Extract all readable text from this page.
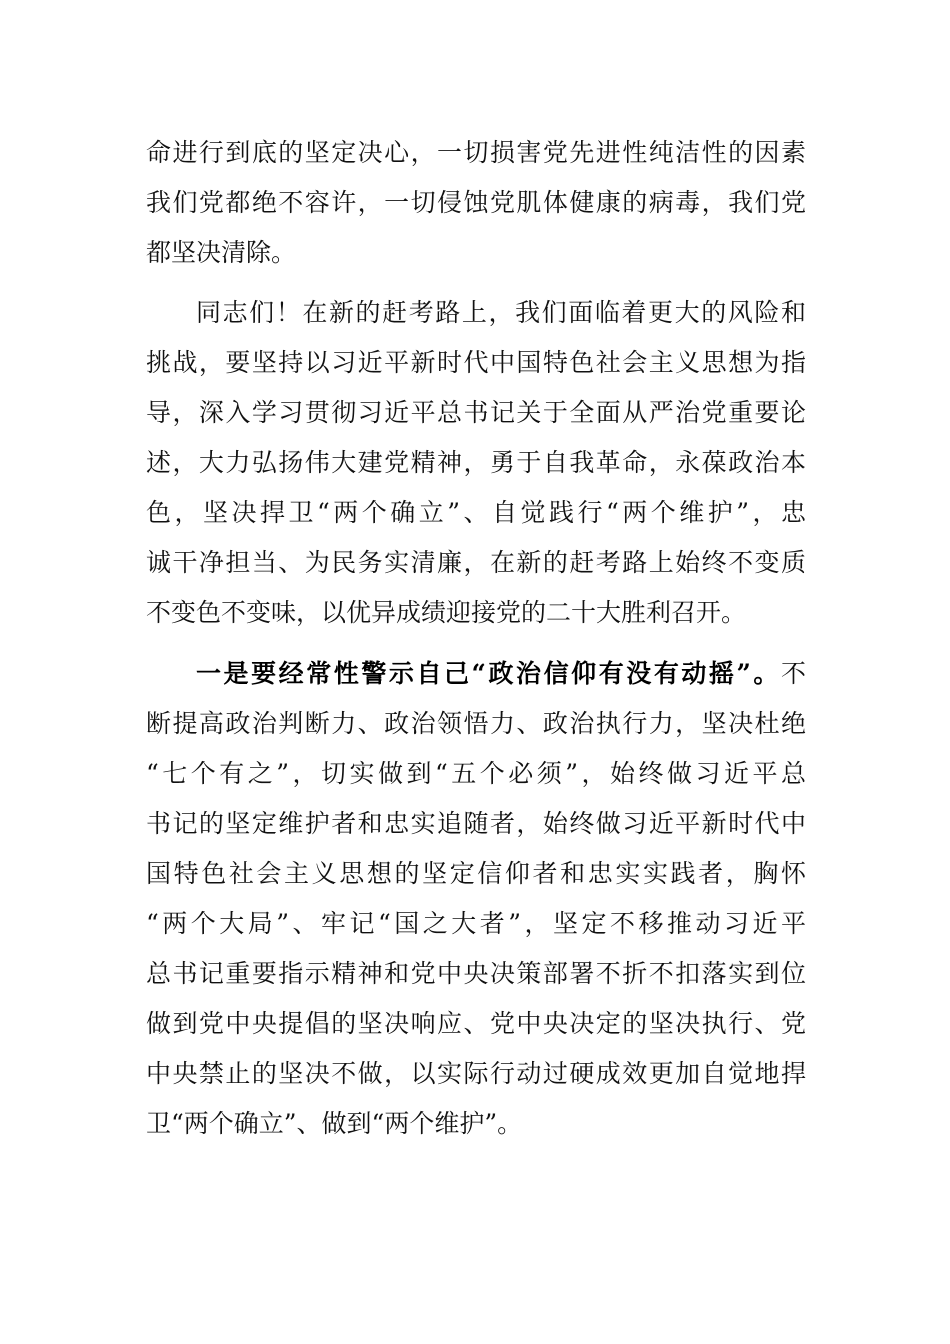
命进行到底的坚定决心，一切损害党先进性纯洁性的因素

我们党都绝不容许，一切侵蚀党肌体健康的病毒，我们党

都坚决清除。

同志们！在新的赶考路上，我们面临着更大的风险和

挑战，要坚持以习近平新时代中国特色社会主义思想为指

导，深入学习贯彻习近平总书记关于全面从严治党重要论

述，大力弘扬伟大建党精神，勇于自我革命，永葆政治本

色，坚决捍卫“两个确立”、自觉践行“两个维护”，忠

诚干净担当、为民务实清廉，在新的赶考路上始终不变质

不变色不变味，以优异成绩迎接党的二十大胜利召开。

一是要经常性警示自己“政治信仰有没有动摇”。不

断提高政治判断力、政治领悟力、政治执行力，坚决杜绝

“七个有之”，切实做到“五个必须”，始终做习近平总

书记的坚定维护者和忠实追随者，始终做习近平新时代中

国特色社会主义思想的坚定信仰者和忠实实践者，胸怀

“两个大局”、牢记“国之大者”，坚定不移推动习近平

总书记重要指示精神和党中央决策部署不折不扣落实到位

做到党中央提倡的坚决响应、党中央决定的坚决执行、党

中央禁止的坚决不做，以实际行动过硬成效更加自觉地捍

卫“两个确立”、做到“两个维护”。
